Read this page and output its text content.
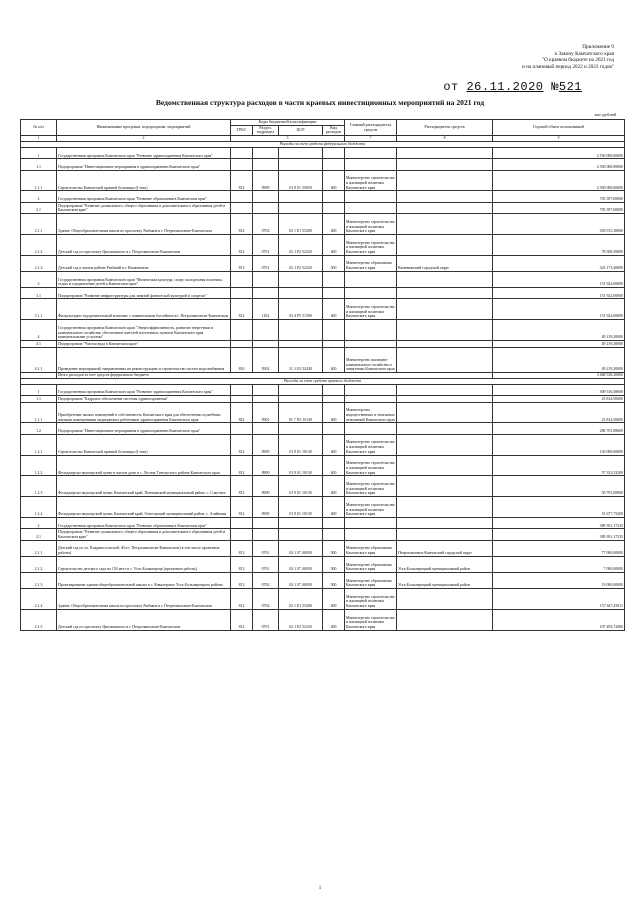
Приложение 9
к Закону Камчатского края
"О краевом бюджете на 2021 год
и на плановый период 2022 и 2023 годов"
от 26.11.2020 №521
Ведомственная структура расходов в части краевых инвестиционных мероприятий на 2021 год
тыс.рублей
№ п/п	Наименование программ, подпрограмм, мероприятий	Коды бюджетной классификации				Главный распорядитель средств	Распорядитель средств	Годовой объем ассигнований
		ГРБС	Раздел, подраздел	ЦСР	Вид расходов			
1	2	3				7	8	9
Расходы за счет средств федерального бюджета								
1	Государственная программа Камчатского края "Развитие здравоохранения Камчатского края"							2 530 000,00000
1.1	Подпрограмма "Инвестиционные мероприятия в здравоохранении Камчатского края"							2 500 000,00000
1.1.1	Строительство Камчатской краевой больницы (I этап)	812	0909	01 9 01 55830	400	Министерство строительства и жилищной политики Камчатского края		2 500 000,00000
2	Государственная программа Камчатского края "Развитие образования в Камчатском крае"							705 397,00000
2.1	Подпрограмма "Развитие дошкольного, общего образования и дополнительного образования детей в Камчатском крае"							705 397,00000
2.1.1	Здание, Общеобразовательная школа по проспекту Рыбаков в г. Петропавловске-Камчатском	812	0702	02 1 E1 55200	400	Министерство строительства и жилищной политики Камчатского края		303 915,30000
2.1.2	Детский сад по проспекту Циолковского в г. Петропавловске-Камчатском	812	0701	02 1 P2 52320	400	Министерство строительства и жилищной политики Камчатского края		78 308,50000
2.1.3	Детский сад в жилом районе Рыбачий в г. Вилючинске	813	0701	02 1 P2 52320	500	Министерство образования Камчатского края	Вилючинский городской округ	323 173,40000
3	Государственная программа Камчатского края "Физическая культура, спорт, молодежная политика, отдых и оздоровление детей в Камчатском крае"							151 922,00000
3.1	Подпрограмма "Развитие инфраструктуры для занятий физической культурой и спортом"							151 922,00000
3.1.1	Физкультурно-оздоровительный комплекс с плавательным бассейном в г. Петропавловске-Камчатском	812	1102	03 4 P5 51390	400	Министерство строительства и жилищной политики Камчатского края		151 922,00000
4	Государственная программа Камчатского края "Энергоэффективность, развитие энергетики и коммунального хозяйства, обеспечение жителей населенных пунктов Камчатского края коммунальными услугами"							49 219,20000
4.1	Подпрограмма "Чистая вода в Камчатском крае"							49 219,20000
4.1.1	Проведение мероприятий, направленных на реконструкцию и строительство систем водоснабжения	810	0502	11 3 G5 52430	400	Министерство жилищно-коммунального хозяйства и энергетики Камчатского края		49 219,20000
	Итого расходов за счет средств федерального бюджета							3 468 538,20000
Расходы за счет средств краевого бюджета								
1	Государственная программа Камчатского края "Развитие здравоохранения Камчатского края"							309 516,38600
1.1	Подпрограмма "Кадровое обеспечение системы здравоохранения"							23 814,50000
1.1.1	Приобретение жилых помещений в собственность Камчатского края для обеспечения служебным жилыми помещениями медицинских работников здравоохранения Камчатского края	822	0901	01 7 N5 10130	400	Министерство имущественных и земельных отношений Камчатского края		23 814,50000
1.2	Подпрограмма "Инвестиционные мероприятия в здравоохранении Камчатского края"							286 701,88600
1.2.1	Строительство Камчатской краевой больницы (I этап)	812	0909	01 9 01 10130	400	Министерство строительства и жилищной политики Камчатского края		150 000,00000
1.2.2	Фельдшерско-акушерский пункт в жилом доме в с. Лесная Тигильского района Камчатского края	812	0909	01 9 01 10130	400	Министерство строительства и жилищной политики Камчатского края		57 333,33200
1.2.3	Фельдшерско-акушерский пункт, Камчатский край, Пенжинский муниципальный район, с. Слаутное	812	0909	01 9 01 10130	400	Министерство строительства и жилищной политики Камчатского края		50 791,00000
1.2.4	Фельдшерско-акушерский пункт, Камчатский край, Олюторский муниципальный район, с. Ачайваям	812	0909	01 9 01 10130	400	Министерство строительства и жилищной политики Камчатского края		31 677,75200
2	Государственная программа Камчатского края "Развитие образования в Камчатском крае"							389 391,17235
2.1	Подпрограмма "Развитие дошкольного, общего образования и дополнительного образования детей в Камчатском крае"							389 391,17235
2.1.1	Детский сад по ул. Владивостокской, 40 в г. Петропавловске-Камчатском (в том числе проектные работы)	813	0701	02 1 07 40030	500	Министерство образования Камчатского края	Петропавловск-Камчатский городской округ	77 000,00000
2.1.2	Строительство детского сада на 150 мест в с. Усть-Большерецк (проектные работы)	813	0701	02 1 07 40030	500	Министерство образования Камчатского края	Усть-Большерецкий муниципальный район	7 000,00000
2.1.3	Проектирование здания общеобразовательной школы в с. Кавалерское Усть-Большерецкого района	813	0702	02 1 07 40030	500	Министерство образования Камчатского края	Усть-Большерецкий муниципальный район	19 000,00000
2.1.4	Здание, Общеобразовательная школа по проспекту Рыбаков в г. Петропавловске-Камчатском	812	0702	02 1 E1 55200	400	Министерство строительства и жилищной политики Камчатского края		157 647,45911
2.1.5	Детский сад по проспекту Циолковского в г. Петропавловске-Камчатском	812	0701	02 1 P2 52320	400	Министерство строительства и жилищной политики Камчатского края		107 493,72080
1
